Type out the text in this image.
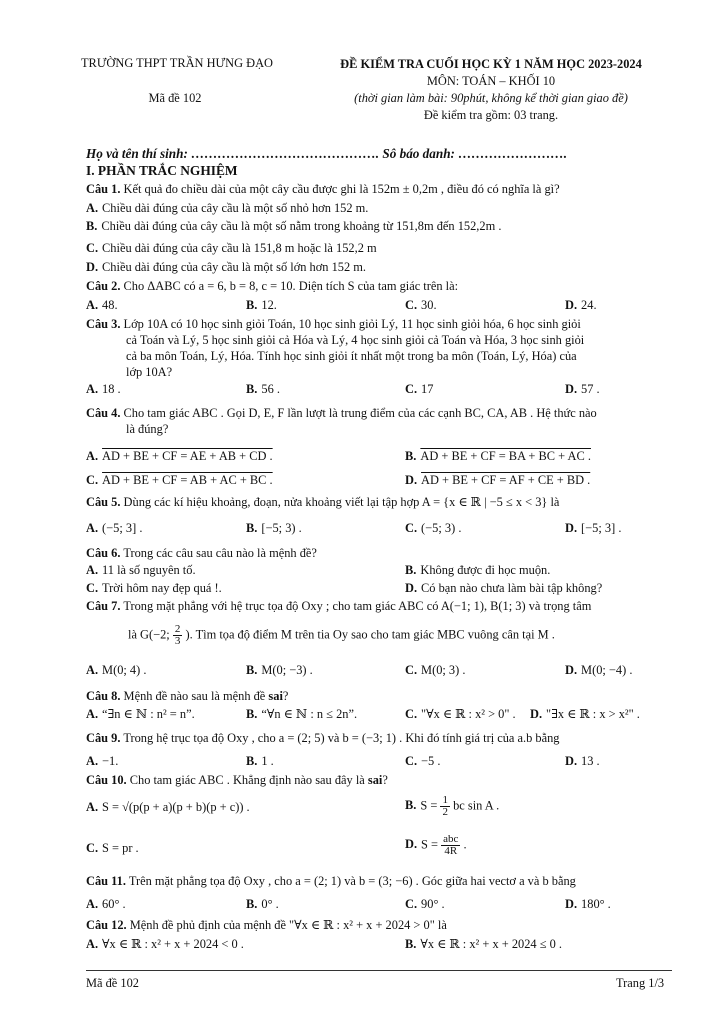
TRƯỜNG THPT TRẦN HƯNG ĐẠO
Mã đề 102
ĐỀ KIỂM TRA CUỐI HỌC KỲ 1 NĂM HỌC 2023-2024
MÔN: TOÁN – KHỐI 10
(thời gian làm bài: 90phút, không kể thời gian giao đề)
Đề kiểm tra gồm: 03 trang.
Họ và tên thí sinh: ……………………………………. Sô báo danh: …………………….
I. PHẦN TRẮC NGHIỆM
Câu 1. Kết quả đo chiều dài của một cây cầu được ghi là 152m ± 0,2m , điều đó có nghĩa là gì?
A. Chiều dài đúng của cây cầu là một số nhỏ hơn 152 m.
B. Chiều dài đúng của cây cầu là một số nằm trong khoảng từ 151,8m đến 152,2m .
C. Chiều dài đúng của cây cầu là 151,8 m hoặc là 152,2 m
D. Chiều dài đúng của cây cầu là một số lớn hơn 152 m.
Câu 2. Cho ΔABC có a = 6, b = 8, c = 10. Diện tích S của tam giác trên là:
A. 48.	B. 12.	C. 30.	D. 24.
Câu 3. Lớp 10A có 10 học sinh giỏi Toán, 10 học sinh giỏi Lý, 11 học sinh giỏi hóa, 6 học sinh giỏi
cả Toán và Lý, 5 học sinh giỏi cả Hóa và Lý, 4 học sinh giỏi cả Toán và Hóa, 3 học sinh giỏi
cả ba môn Toán, Lý, Hóa. Tính học sinh giỏi ít nhất một trong ba môn (Toán, Lý, Hóa) của
lớp 10A?
A. 18 .	B. 56 .	C. 17	D. 57 .
Câu 4. Cho tam giác ABC . Gọi D, E, F lần lượt là trung điểm của các cạnh BC, CA, AB . Hệ thức nào
là đúng?
A. AD + BE + CF = AE + AB + CD .	B. AD + BE + CF = BA + BC + AC .
C. AD + BE + CF = AB + AC + BC .	D. AD + BE + CF = AF + CE + BD .
Câu 5. Dùng các kí hiệu khoảng, đoạn, nửa khoảng viết lại tập hợp A = {x ∈ ℝ | −5 ≤ x < 3} là
A. (−5; 3] .	B. [−5; 3) .	C. (−5; 3) .	D. [−5; 3] .
Câu 6. Trong các câu sau câu nào là mệnh đề?
A. 11 là số nguyên tố.	B. Không được đi học muộn.
C. Trời hôm nay đẹp quá !.	D. Có bạn nào chưa làm bài tập không?
Câu 7. Trong mặt phẳng với hệ trục tọa độ Oxy ; cho tam giác ABC có A(−1; 1), B(1; 3) và trọng tâm
là G(−2; $\frac{2}{3}$ ). Tìm tọa độ điểm M trên tia Oy sao cho tam giác MBC vuông cân tại M .
A. M(0; 4) .	B. M(0; −3) .	C. M(0; 3) .	D. M(0; −4) .
Câu 8. Mệnh đề nào sau là mệnh đề sai?
A. “∃n ∈ ℕ : n² = n”.	B. “∀n ∈ ℕ : n ≤ 2n”.	C. "∀x ∈ ℝ : x² > 0" . D. "∃x ∈ ℝ : x > x²" .
Câu 9. Trong hệ trục tọa độ Oxy , cho a = (2; 5) và b = (−3; 1) . Khi đó tính giá trị của a.b bằng
A. −1.	B. 1 .	C. −5 .	D. 13 .
Câu 10. Cho tam giác ABC . Khẳng định nào sau đây là sai?
A. S = √(p(p + a)(p + b)(p + c)) .	B. $S = \frac{1}{2}$ bc sin A .
C. S = pr .	D. $S = \frac{\text{abc}}{4R}$ .
Câu 11. Trên mặt phẳng tọa độ Oxy , cho a = (2; 1) và b = (3; −6) . Góc giữa hai vectơ a và b bằng
A. 60° .	B. 0° .	C. 90° .	D. 180° .
Câu 12. Mệnh đề phủ định của mệnh đề "∀x ∈ ℝ : x² + x + 2024 > 0" là
A. ∀x ∈ ℝ : x² + x + 2024 < 0 .	B. ∀x ∈ ℝ : x² + x + 2024 ≤ 0 .
Mã đề 102	Trang 1/3
